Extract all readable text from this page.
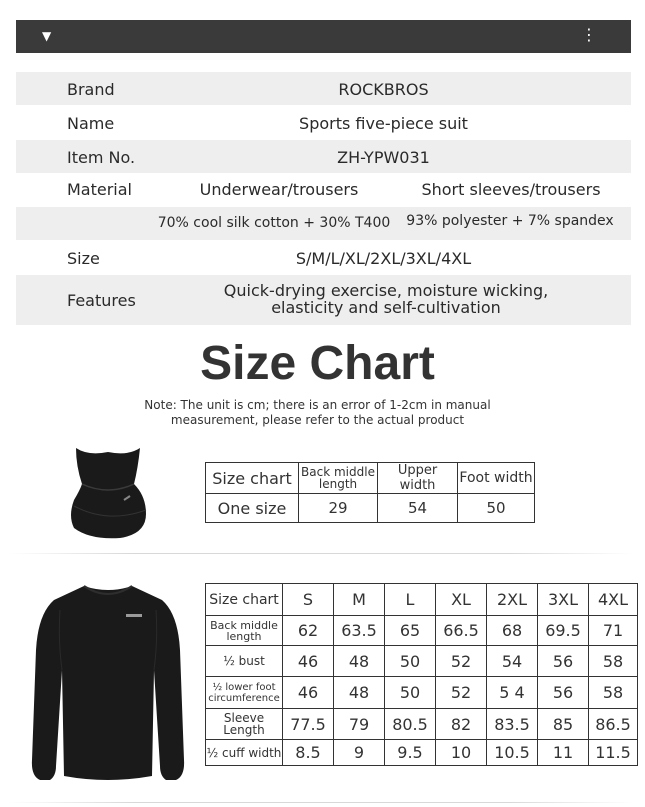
▼	⋮
Brand	ROCKBROS
Name	Sports five-piece suit
Item No.	ZH-YPW031
Material	Underwear/trousers	Short sleeves/trousers
70% cool silk cotton + 30% T400	93% polyester + 7% spandex
Size	S/M/L/XL/2XL/3XL/4XL
Features
Quick-drying exercise, moisture wicking,
elasticity and self-cultivation
Size Chart
Note: The unit is cm; there is an error of 1-2cm in manual
measurement, please refer to the actual product
Size chart	Back middle length	Upper width	Foot width
One size	29	54	50
Size chart	S	M	L	XL	2XL	3XL	4XL
Back middle length	62	63.5	65	66.5	68	69.5	71
½ bust	46	48	50	52	54	56	58
½ lower foot circumference	46	48	50	52	5 4	56	58
Sleeve Length	77.5	79	80.5	82	83.5	85	86.5
½ cuff width	8.5	9	9.5	10	10.5	11	11.5
